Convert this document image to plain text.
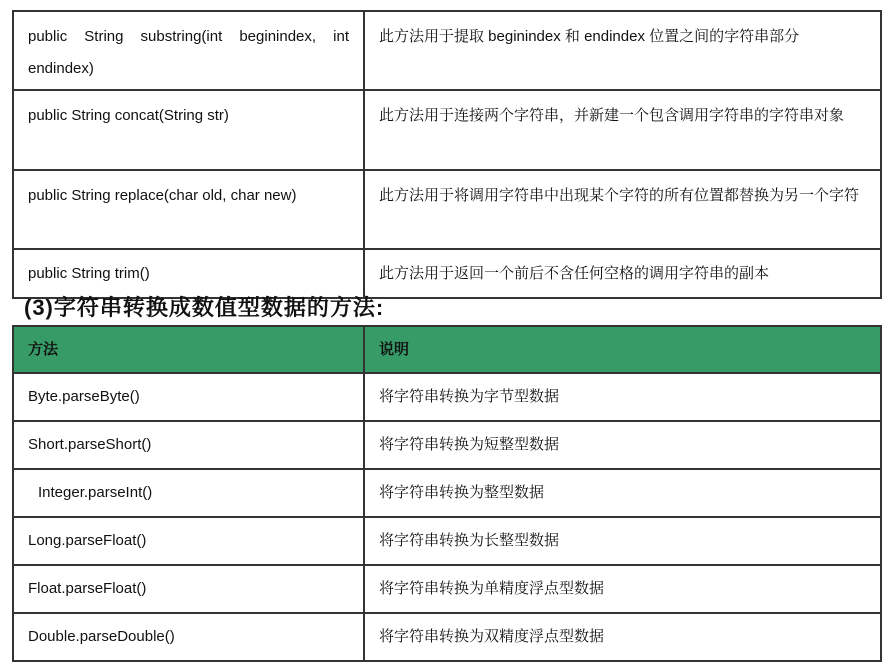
public String substring(int beginindex, int endindex)	此方法用于提取 beginindex 和 endindex 位置之间的字符串部分
public String concat(String str)	此方法用于连接两个字符串，并新建一个包含调用字符串的字符串对象
public String replace(char old, char new)	此方法用于将调用字符串中出现某个字符的所有位置都替换为另一个字符
public String trim()	此方法用于返回一个前后不含任何空格的调用字符串的副本
(3)字符串转换成数值型数据的方法:
方法	说明
Byte.parseByte()	将字符串转换为字节型数据
Short.parseShort()	将字符串转换为短整型数据
Integer.parseInt()	将字符串转换为整型数据
Long.parseFloat()	将字符串转换为长整型数据
Float.parseFloat()	将字符串转换为单精度浮点型数据
Double.parseDouble()	将字符串转换为双精度浮点型数据
